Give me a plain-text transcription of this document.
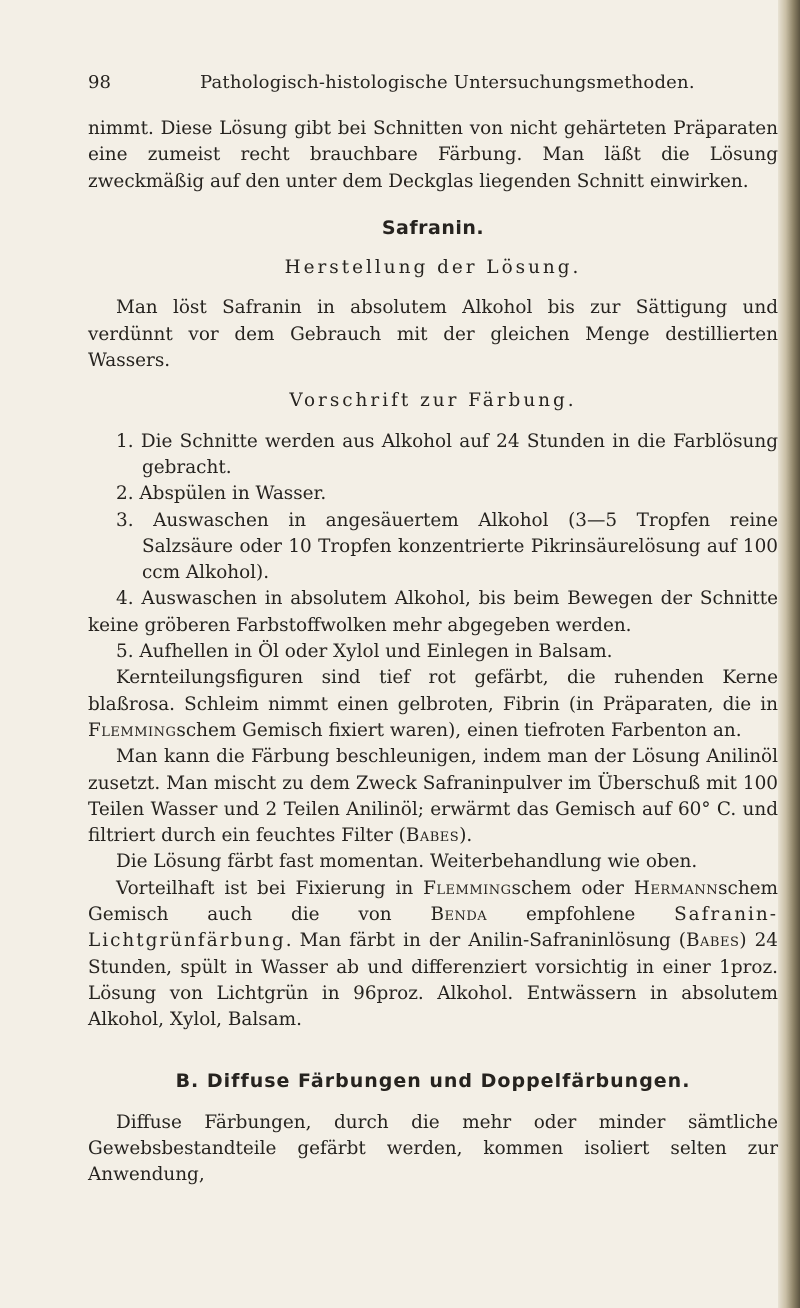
98	Pathologisch-histologische Untersuchungsmethoden.

nimmt. Diese Lösung gibt bei Schnitten von nicht gehärteten Präparaten eine zumeist recht brauchbare Färbung. Man läßt die Lösung zweckmäßig auf den unter dem Deckglas liegenden Schnitt einwirken.

Safranin.
Herstellung der Lösung.

Man löst Safranin in absolutem Alkohol bis zur Sättigung und verdünnt vor dem Gebrauch mit der gleichen Menge destillierten Wassers.

Vorschrift zur Färbung.
1. Die Schnitte werden aus Alkohol auf 24 Stunden in die Farblösung gebracht.
2. Abspülen in Wasser.
3. Auswaschen in angesäuertem Alkohol (3—5 Tropfen reine Salzsäure oder 10 Tropfen konzentrierte Pikrinsäurelösung auf 100 ccm Alkohol).
4. Auswaschen in absolutem Alkohol, bis beim Bewegen der Schnitte keine gröberen Farbstoffwolken mehr abgegeben werden.
5. Aufhellen in Öl oder Xylol und Einlegen in Balsam.

Kernteilungsfiguren sind tief rot gefärbt, die ruhenden Kerne blaßrosa. Schleim nimmt einen gelbroten, Fibrin (in Präparaten, die in Flemmingschem Gemisch fixiert waren), einen tiefroten Farbenton an.

Man kann die Färbung beschleunigen, indem man der Lösung Anilinöl zusetzt. Man mischt zu dem Zweck Safraninpulver im Überschuß mit 100 Teilen Wasser und 2 Teilen Anilinöl; erwärmt das Gemisch auf 60° C. und filtriert durch ein feuchtes Filter (Babes).

Die Lösung färbt fast momentan. Weiterbehandlung wie oben.

Vorteilhaft ist bei Fixierung in Flemmingschem oder Hermannschem Gemisch auch die von Benda empfohlene Safranin-Lichtgrünfärbung. Man färbt in der Anilin-Safraninlösung (Babes) 24 Stunden, spült in Wasser ab und differenziert vorsichtig in einer 1proz. Lösung von Lichtgrün in 96proz. Alkohol. Entwässern in absolutem Alkohol, Xylol, Balsam.

B. Diffuse Färbungen und Doppelfärbungen.

Diffuse Färbungen, durch die mehr oder minder sämtliche Gewebsbestandteile gefärbt werden, kommen isoliert selten zur Anwendung,
